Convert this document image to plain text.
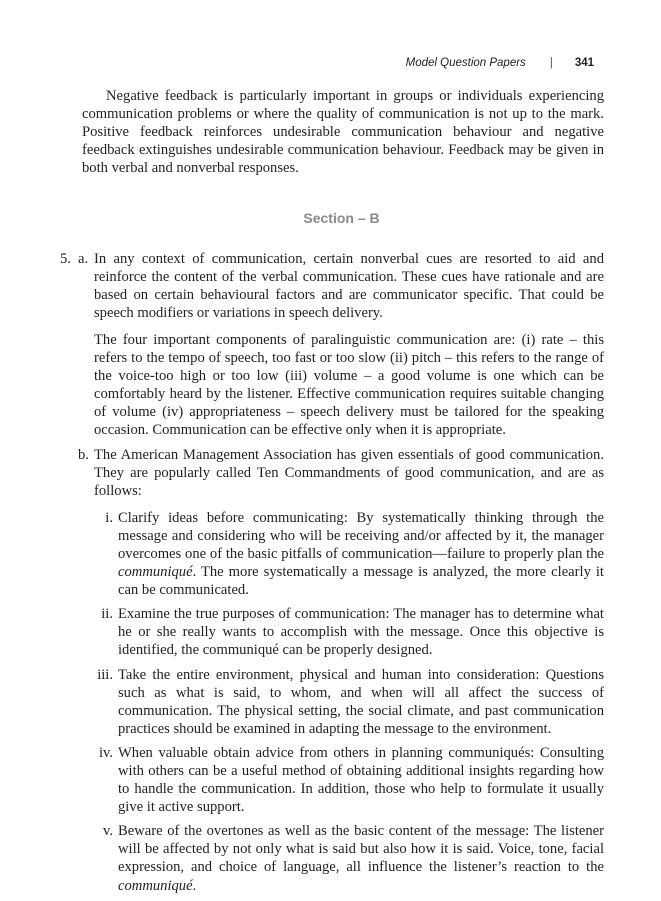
Model Question Papers | 341

Negative feedback is particularly important in groups or individuals experiencing communication problems or where the quality of communication is not up to the mark. Positive feedback reinforces undesirable communication behaviour and negative feedback extinguishes undesirable communication behaviour. Feedback may be given in both verbal and nonverbal responses.

Section – B
5. a. In any context of communication, certain nonverbal cues are resorted to aid and reinforce the content of the verbal communication. These cues have rationale and are based on certain behavioural factors and are communicator specific. That could be speech modifiers or variations in speech delivery.

The four important components of paralinguistic communication are: (i) rate – this refers to the tempo of speech, too fast or too slow (ii) pitch – this refers to the range of the voice-too high or too low (iii) volume – a good volume is one which can be comfortably heard by the listener. Effective communication requires suitable changing of volume (iv) appropriateness – speech delivery must be tailored for the speaking occasion. Communication can be effective only when it is appropriate.

b. The American Management Association has given essentials of good communication. They are popularly called Ten Commandments of good communication, and are as follows:
i. Clarify ideas before communicating: By systematically thinking through the message and considering who will be receiving and/or affected by it, the manager overcomes one of the basic pitfalls of communication—failure to properly plan the communiqué. The more systematically a message is analyzed, the more clearly it can be communicated.
ii. Examine the true purposes of communication: The manager has to determine what he or she really wants to accomplish with the message. Once this objective is identified, the communiqué can be properly designed.
iii. Take the entire environment, physical and human into consideration: Questions such as what is said, to whom, and when will all affect the success of communication. The physical setting, the social climate, and past communication practices should be examined in adapting the message to the environment.
iv. When valuable obtain advice from others in planning communiqués: Consulting with others can be a useful method of obtaining additional insights regarding how to handle the communication. In addition, those who help to formulate it usually give it active support.
v. Beware of the overtones as well as the basic content of the message: The listener will be affected by not only what is said but also how it is said. Voice, tone, facial expression, and choice of language, all influence the listener’s reaction to the communiqué.
